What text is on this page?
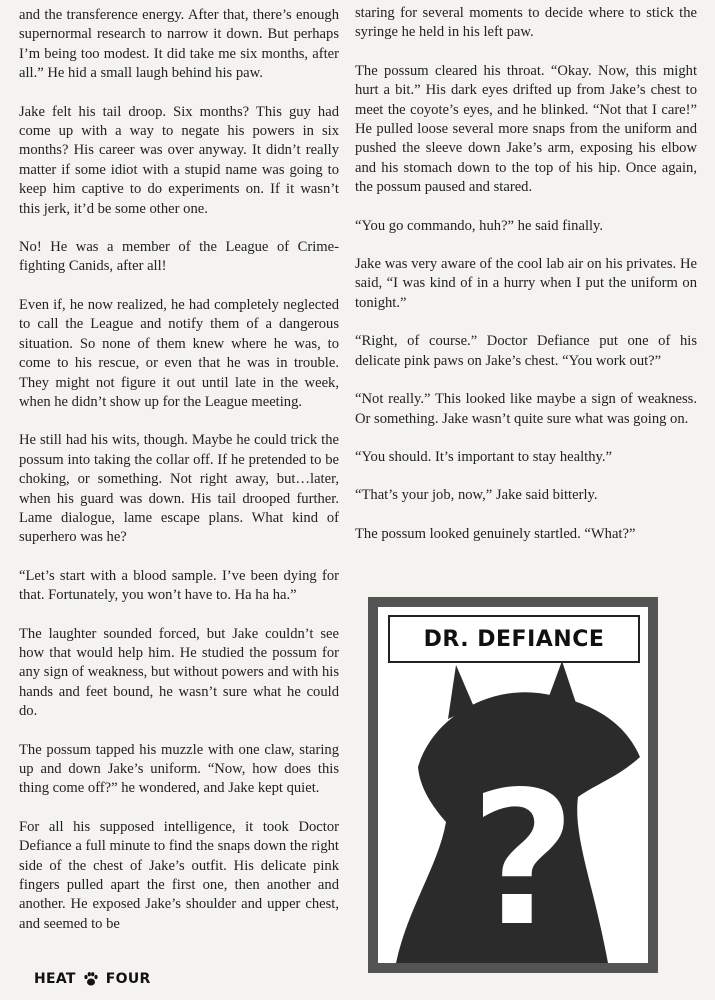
and the transference energy. After that, there’s enough supernormal research to narrow it down. But perhaps I’m being too modest. It did take me six months, after all.” He hid a small laugh behind his paw.

Jake felt his tail droop. Six months? This guy had come up with a way to negate his powers in six months? His career was over anyway. It didn’t really matter if some idiot with a stupid name was going to keep him captive to do experiments on. If it wasn’t this jerk, it’d be some other one.

No! He was a member of the League of Crime-fighting Canids, after all!

Even if, he now realized, he had completely neglected to call the League and notify them of a dangerous situation. So none of them knew where he was, to come to his rescue, or even that he was in trouble. They might not figure it out until late in the week, when he didn’t show up for the League meeting.

He still had his wits, though. Maybe he could trick the possum into taking the collar off. If he pretended to be choking, or something. Not right away, but…later, when his guard was down. His tail drooped further. Lame dialogue, lame escape plans. What kind of superhero was he?

“Let’s start with a blood sample. I’ve been dying for that. Fortunately, you won’t have to. Ha ha ha.”

The laughter sounded forced, but Jake couldn’t see how that would help him. He studied the possum for any sign of weakness, but without powers and with his hands and feet bound, he wasn’t sure what he could do.

The possum tapped his muzzle with one claw, staring up and down Jake’s uniform. “Now, how does this thing come off?” he wondered, and Jake kept quiet.

For all his supposed intelligence, it took Doctor Defiance a full minute to find the snaps down the right side of the chest of Jake’s outfit. His delicate pink fingers pulled apart the first one, then another and another. He exposed Jake’s shoulder and upper chest, and seemed to be

staring for several moments to decide where to stick the syringe he held in his left paw.

The possum cleared his throat. “Okay. Now, this might hurt a bit.” His dark eyes drifted up from Jake’s chest to meet the coyote’s eyes, and he blinked. “Not that I care!” He pulled loose several more snaps from the uniform and pushed the sleeve down Jake’s arm, exposing his elbow and his stomach down to the top of his hip. Once again, the possum paused and stared.

“You go commando, huh?” he said finally.

Jake was very aware of the cool lab air on his privates. He said, “I was kind of in a hurry when I put the uniform on tonight.”

“Right, of course.” Doctor Defiance put one of his delicate pink paws on Jake’s chest. “You work out?”

“Not really.” This looked like maybe a sign of weakness. Or something. Jake wasn’t quite sure what was going on.

“You should. It’s important to stay healthy.”

“That’s your job, now,” Jake said bitterly.

The possum looked genuinely startled. “What?”

?
DR. DEFIANCE
HEAT FOUR
